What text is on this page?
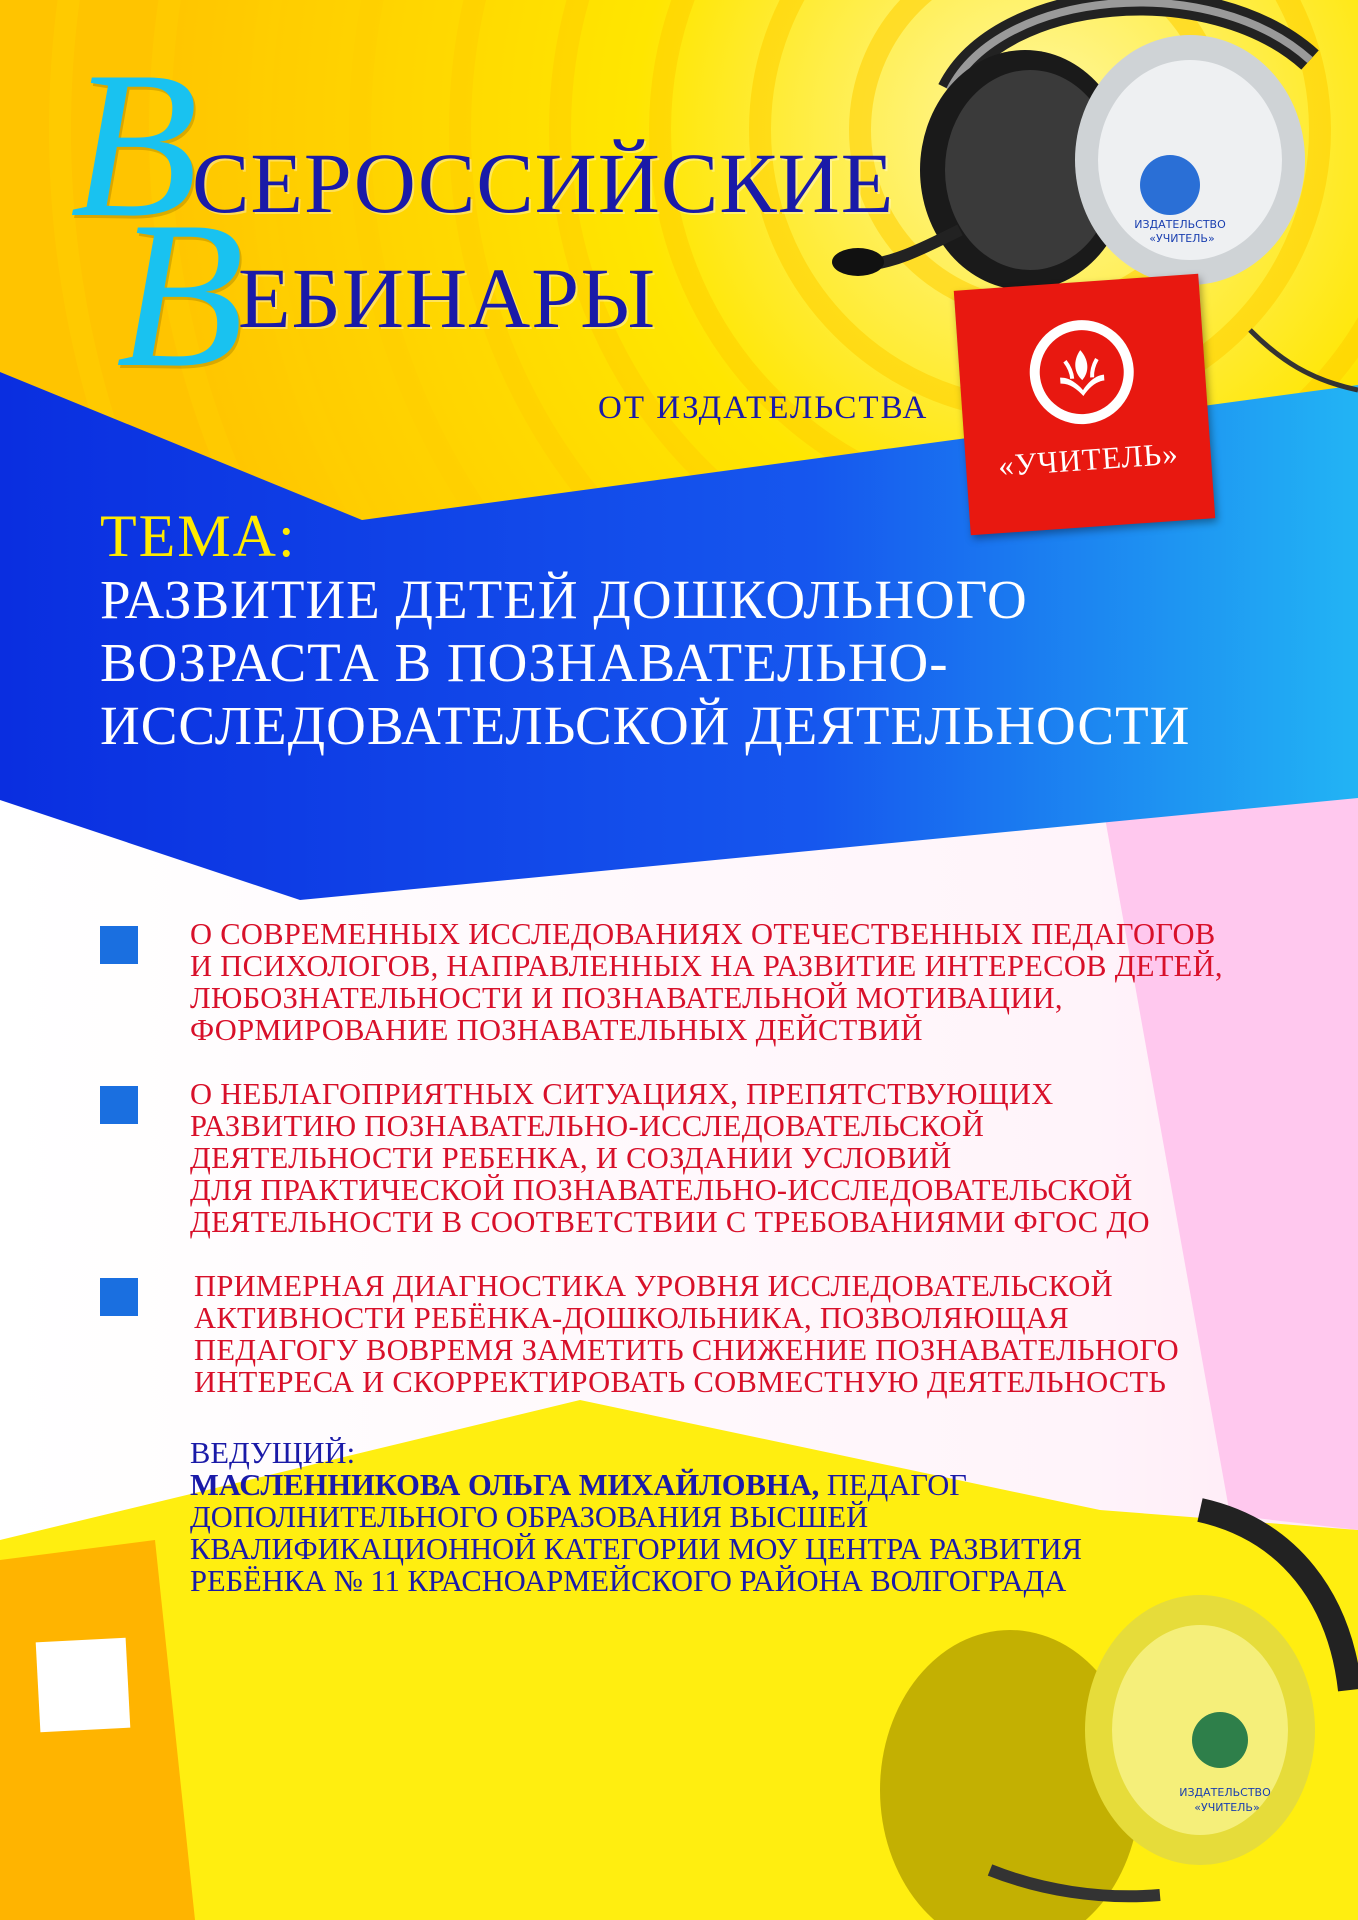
ИЗДАТЕЛЬСТВО
«УЧИТЕЛЬ»
ИЗДАТЕЛЬСТВО
«УЧИТЕЛЬ»
В
СЕРОССИЙСКИЕ
В
ЕБИНАРЫ
ОТ ИЗДАТЕЛЬСТВА
«УЧИТЕЛЬ»
ТЕМА:
РАЗВИТИЕ ДЕТЕЙ ДОШКОЛЬНОГО
ВОЗРАСТА В ПОЗНАВАТЕЛЬНО-
ИССЛЕДОВАТЕЛЬСКОЙ ДЕЯТЕЛЬНОСТИ
О СОВРЕМЕННЫХ ИССЛЕДОВАНИЯХ ОТЕЧЕСТВЕННЫХ ПЕДАГОГОВ
И ПСИХОЛОГОВ, НАПРАВЛЕННЫХ НА РАЗВИТИЕ ИНТЕРЕСОВ ДЕТЕЙ,
ЛЮБОЗНАТЕЛЬНОСТИ И ПОЗНАВАТЕЛЬНОЙ МОТИВАЦИИ,
ФОРМИРОВАНИЕ ПОЗНАВАТЕЛЬНЫХ ДЕЙСТВИЙ
О НЕБЛАГОПРИЯТНЫХ СИТУАЦИЯХ, ПРЕПЯТСТВУЮЩИХ
РАЗВИТИЮ ПОЗНАВАТЕЛЬНО-ИССЛЕДОВАТЕЛЬСКОЙ
ДЕЯТЕЛЬНОСТИ РЕБЕНКА, И СОЗДАНИИ УСЛОВИЙ
ДЛЯ ПРАКТИЧЕСКОЙ ПОЗНАВАТЕЛЬНО-ИССЛЕДОВАТЕЛЬСКОЙ
ДЕЯТЕЛЬНОСТИ В СООТВЕТСТВИИ С ТРЕБОВАНИЯМИ ФГОС ДО
ПРИМЕРНАЯ ДИАГНОСТИКА УРОВНЯ ИССЛЕДОВАТЕЛЬСКОЙ
АКТИВНОСТИ РЕБЁНКА-ДОШКОЛЬНИКА, ПОЗВОЛЯЮЩАЯ
ПЕДАГОГУ ВОВРЕМЯ ЗАМЕТИТЬ СНИЖЕНИЕ ПОЗНАВАТЕЛЬНОГО
ИНТЕРЕСА И СКОРРЕКТИРОВАТЬ СОВМЕСТНУЮ ДЕЯТЕЛЬНОСТЬ
ВЕДУЩИЙ:
МАСЛЕННИКОВА ОЛЬГА МИХАЙЛОВНА, ПЕДАГОГ
ДОПОЛНИТЕЛЬНОГО ОБРАЗОВАНИЯ ВЫСШЕЙ
КВАЛИФИКАЦИОННОЙ КАТЕГОРИИ МОУ ЦЕНТРА РАЗВИТИЯ
РЕБЁНКА № 11 КРАСНОАРМЕЙСКОГО РАЙОНА ВОЛГОГРАДА
